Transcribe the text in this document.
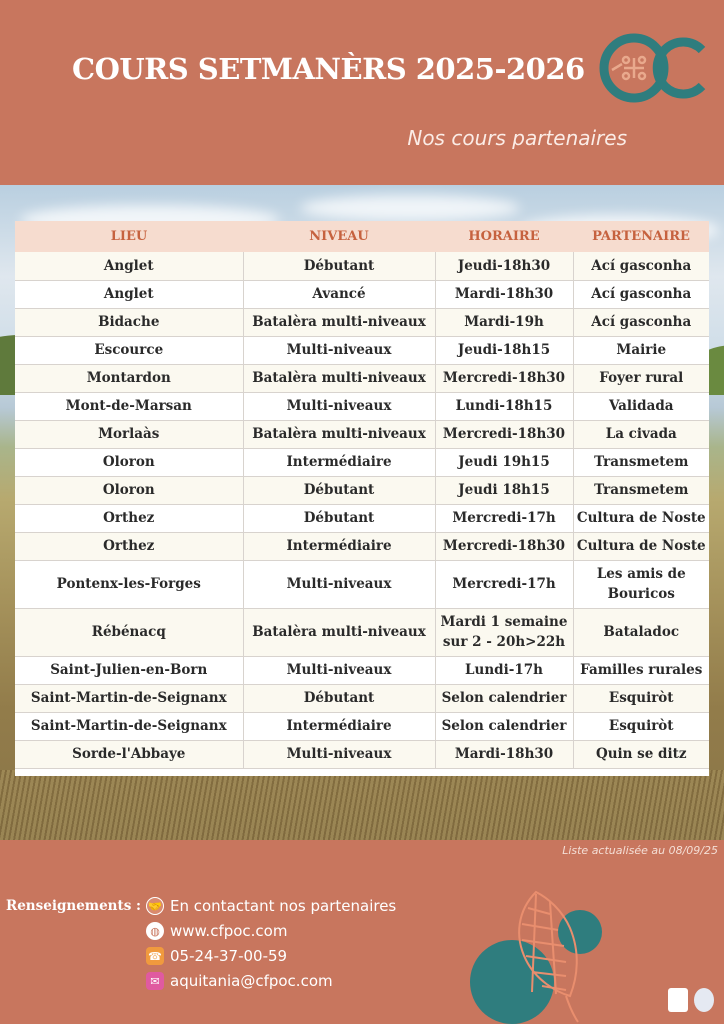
COURS SETMANÈRS 2025-2026
Nos cours partenaires
˂
LIEU	NIVEAU	HORAIRE	PARTENAIRE
Anglet	Débutant	Jeudi-18h30	Ací gasconha
Anglet	Avancé	Mardi-18h30	Ací gasconha
Bidache	Batalèra multi-niveaux	Mardi-19h	Ací gasconha
Escource	Multi-niveaux	Jeudi-18h15	Mairie
Montardon	Batalèra multi-niveaux	Mercredi-18h30	Foyer rural
Mont-de-Marsan	Multi-niveaux	Lundi-18h15	Validada
Morlaàs	Batalèra multi-niveaux	Mercredi-18h30	La civada
Oloron	Intermédiaire	Jeudi 19h15	Transmetem
Oloron	Débutant	Jeudi 18h15	Transmetem
Orthez	Débutant	Mercredi-17h	Cultura de Noste
Orthez	Intermédiaire	Mercredi-18h30	Cultura de Noste
Pontenx-les-Forges	Multi-niveaux	Mercredi-17h	Les amis de Bouricos
Rébénacq	Batalèra multi-niveaux	Mardi 1 semaine sur 2 - 20h>22h	Bataladoc
Saint-Julien-en-Born	Multi-niveaux	Lundi-17h	Familles rurales
Saint-Martin-de-Seignanx	Débutant	Selon calendrier	Esquiròt
Saint-Martin-de-Seignanx	Intermédiaire	Selon calendrier	Esquiròt
Sorde-l'Abbaye	Multi-niveaux	Mardi-18h30	Quin se ditz
Liste actualisée au 08/09/25
Renseignements : 🤝 En contactant nos partenaires
◍ www.cfpoc.com
☎ 05-24-37-00-59
✉ aquitania@cfpoc.com
